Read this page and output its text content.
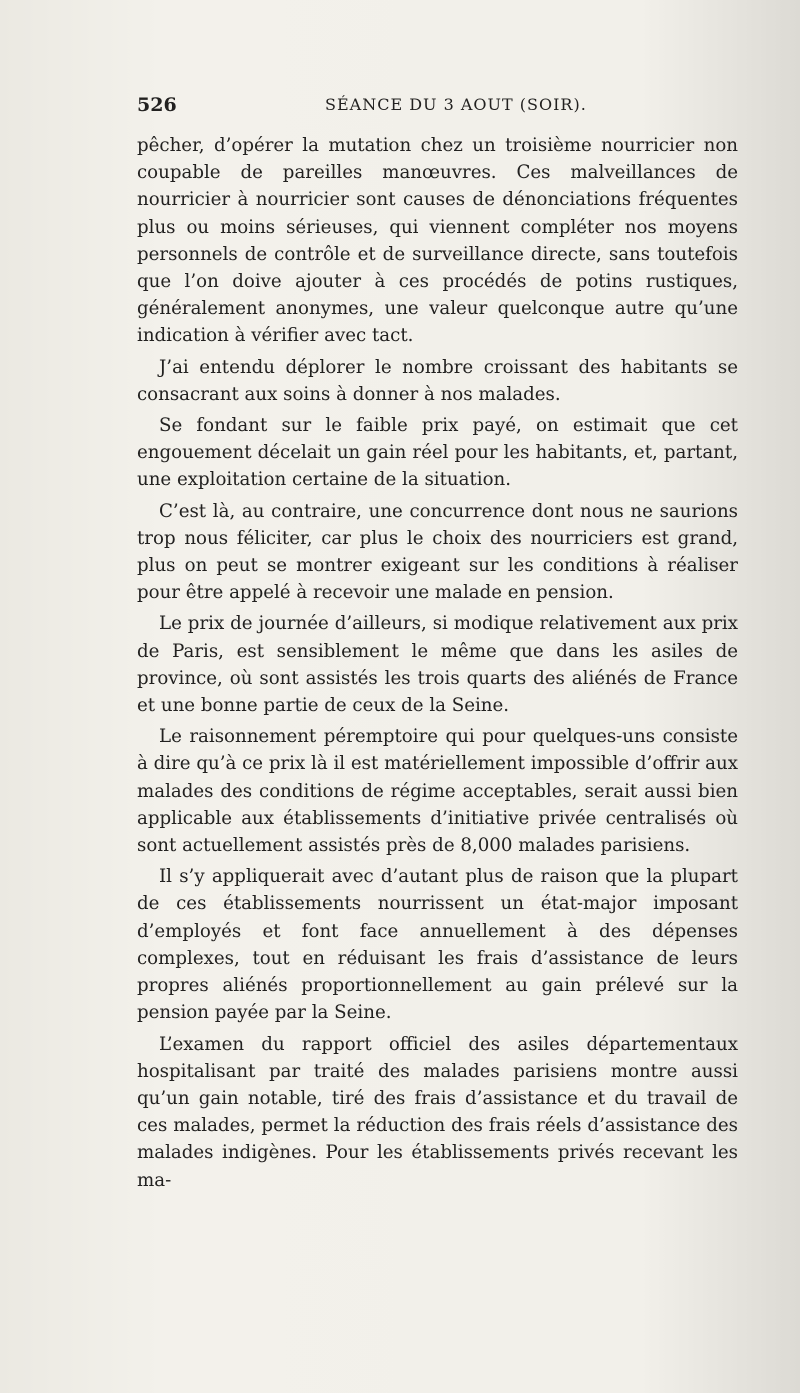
526	SÉANCE DU 3 AOUT (SOIR).

pêcher, d’opérer la mutation chez un troisième nourricier non coupable de pareilles manœuvres. Ces malveillances de nourricier à nourricier sont causes de dénonciations fréquentes plus ou moins sérieuses, qui viennent compléter nos moyens personnels de contrôle et de surveillance directe, sans toutefois que l’on doive ajouter à ces procédés de potins rustiques, généralement anonymes, une valeur quelconque autre qu’une indication à vérifier avec tact.

J’ai entendu déplorer le nombre croissant des habitants se consacrant aux soins à donner à nos malades.

Se fondant sur le faible prix payé, on estimait que cet engouement décelait un gain réel pour les habitants, et, partant, une exploitation certaine de la situation.

C’est là, au contraire, une concurrence dont nous ne saurions trop nous féliciter, car plus le choix des nourriciers est grand, plus on peut se montrer exigeant sur les conditions à réaliser pour être appelé à recevoir une malade en pension.

Le prix de journée d’ailleurs, si modique relativement aux prix de Paris, est sensiblement le même que dans les asiles de province, où sont assistés les trois quarts des aliénés de France et une bonne partie de ceux de la Seine.

Le raisonnement péremptoire qui pour quelques-uns consiste à dire qu’à ce prix là il est matériellement impossible d’offrir aux malades des conditions de régime acceptables, serait aussi bien applicable aux établissements d’initiative privée centralisés où sont actuellement assistés près de 8,000 malades parisiens.

Il s’y appliquerait avec d’autant plus de raison que la plupart de ces établissements nourrissent un état-major imposant d’employés et font face annuellement à des dépenses complexes, tout en réduisant les frais d’assistance de leurs propres aliénés proportionnellement au gain prélevé sur la pension payée par la Seine.

L’examen du rapport officiel des asiles départementaux hospitalisant par traité des malades parisiens montre aussi qu’un gain notable, tiré des frais d’assistance et du travail de ces malades, permet la réduction des frais réels d’assistance des malades indigènes. Pour les établissements privés recevant les ma-
